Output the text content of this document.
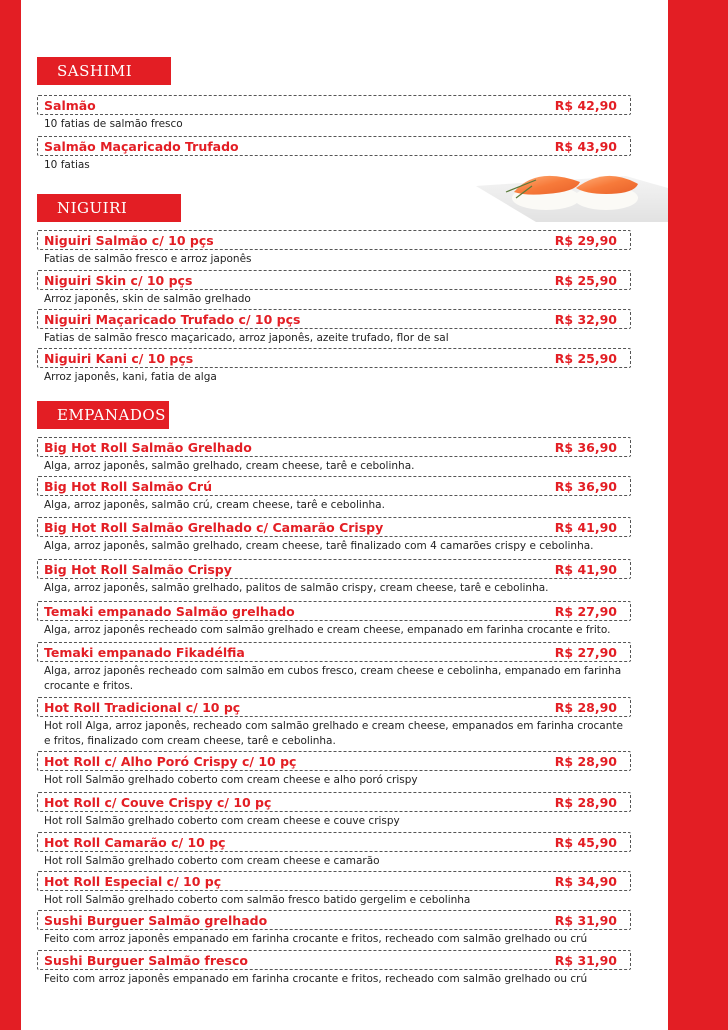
SASHIMI
Salmão	R$ 42,90
10 fatias de salmão fresco
Salmão Maçaricado Trufado	R$ 43,90
10 fatias
NIGUIRI
Niguiri Salmão c/ 10 pçs	R$ 29,90
Fatias de salmão fresco e arroz japonês
Niguiri Skin c/ 10 pçs	R$ 25,90
Arroz japonês, skin de salmão grelhado
Niguiri Maçaricado Trufado c/ 10 pçs	R$ 32,90
Fatias de salmão fresco maçaricado, arroz japonês, azeite trufado, flor de sal
Niguiri Kani c/ 10 pçs	R$ 25,90
Arroz japonês, kani, fatia de alga
EMPANADOS
Big Hot Roll Salmão Grelhado	R$ 36,90
Alga, arroz japonês, salmão grelhado, cream cheese, tarê e cebolinha.
Big Hot Roll Salmão Crú	R$ 36,90
Alga, arroz japonês, salmão crú, cream cheese, tarê e cebolinha.
Big Hot Roll Salmão Grelhado c/ Camarão Crispy	R$ 41,90
Alga, arroz japonês, salmão grelhado, cream cheese, tarê finalizado com 4 camarões crispy e cebolinha.
Big Hot Roll Salmão Crispy	R$ 41,90
Alga, arroz japonês, salmão grelhado, palitos de salmão crispy, cream cheese, tarê e cebolinha.
Temaki empanado Salmão grelhado	R$ 27,90
Alga, arroz japonês recheado com salmão grelhado e cream cheese, empanado em farinha crocante e frito.
Temaki empanado Fikadélfia	R$ 27,90
Alga, arroz japonês recheado com salmão em cubos fresco, cream cheese e cebolinha, empanado em farinha crocante e fritos.
Hot Roll Tradicional c/ 10 pç	R$ 28,90
Hot roll Alga, arroz japonês, recheado com salmão grelhado e cream cheese, empanados em farinha crocante e fritos, finalizado com cream cheese, tarê e cebolinha.
Hot Roll c/ Alho Poró Crispy c/ 10 pç	R$ 28,90
Hot roll Salmão grelhado coberto com cream cheese e alho poró crispy
Hot Roll c/ Couve Crispy c/ 10 pç	R$ 28,90
Hot roll Salmão grelhado coberto com cream cheese e couve crispy
Hot Roll Camarão c/ 10 pç	R$ 45,90
Hot roll Salmão grelhado coberto com cream cheese e camarão
Hot Roll Especial c/ 10 pç	R$ 34,90
Hot roll Salmão grelhado coberto com salmão fresco batido gergelim e cebolinha
Sushi Burguer Salmão grelhado	R$ 31,90
Feito com arroz japonês empanado em farinha crocante e fritos, recheado com salmão grelhado ou crú
Sushi Burguer Salmão fresco	R$ 31,90
Feito com arroz japonês empanado em farinha crocante e fritos, recheado com salmão grelhado ou crú
